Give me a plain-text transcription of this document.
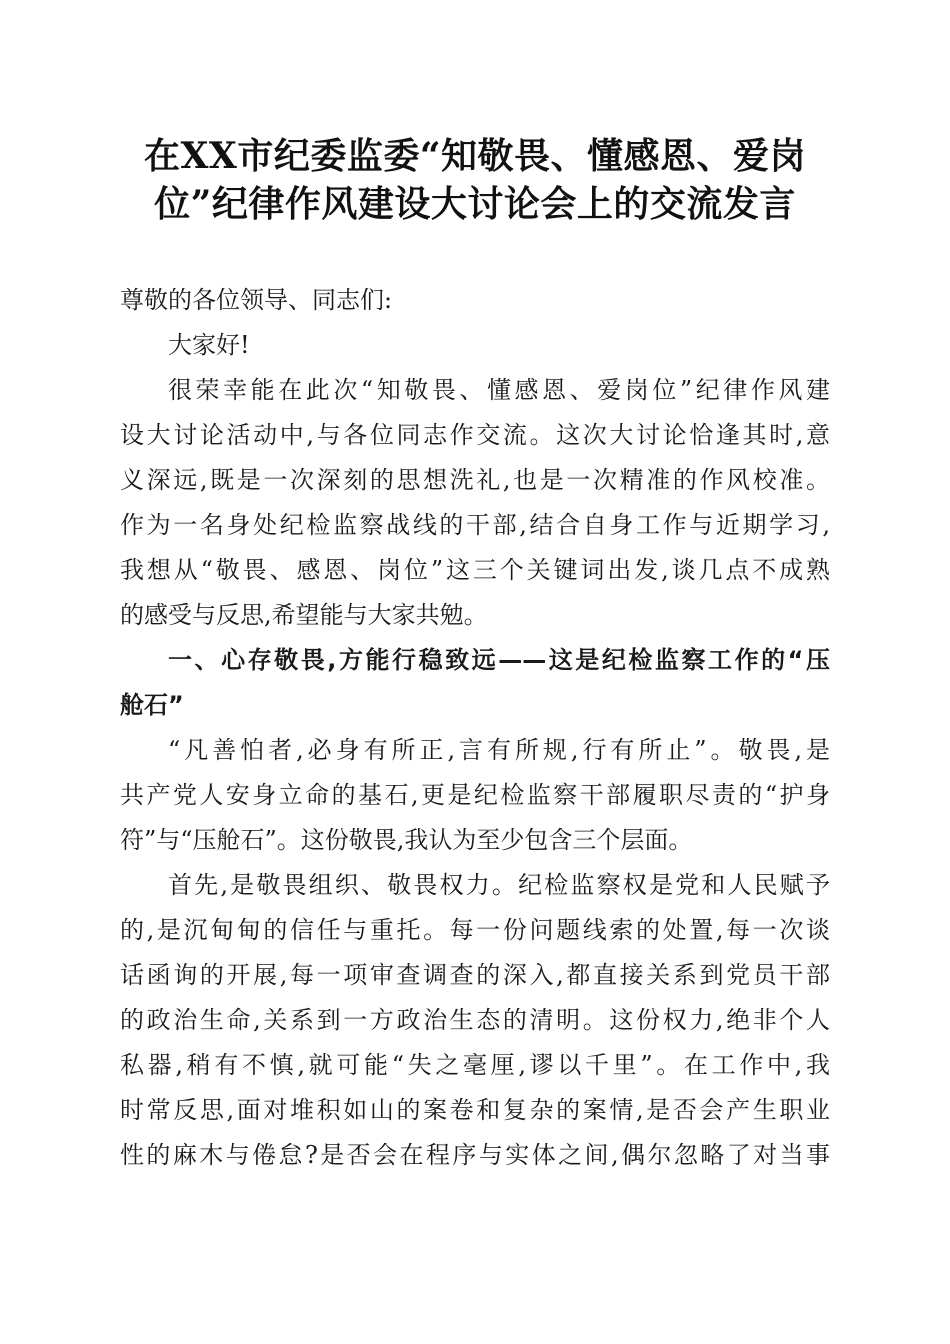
在XX市纪委监委“知敬畏、懂感恩、爱岗
位”纪律作风建设大讨论会上的交流发言
尊敬的各位领导、同志们:
大家好!
很荣幸能在此次“知敬畏、懂感恩、爱岗位”纪律作风建
设大讨论活动中,与各位同志作交流。这次大讨论恰逢其时,意
义深远,既是一次深刻的思想洗礼,也是一次精准的作风校准。
作为一名身处纪检监察战线的干部,结合自身工作与近期学习,
我想从“敬畏、感恩、岗位”这三个关键词出发,谈几点不成熟
的感受与反思,希望能与大家共勉。
一、心存敬畏,方能行稳致远——这是纪检监察工作的“压
舱石”
“凡善怕者,必身有所正,言有所规,行有所止”。敬畏,是
共产党人安身立命的基石,更是纪检监察干部履职尽责的“护身
符”与“压舱石”。这份敬畏,我认为至少包含三个层面。
首先,是敬畏组织、敬畏权力。纪检监察权是党和人民赋予
的,是沉甸甸的信任与重托。每一份问题线索的处置,每一次谈
话函询的开展,每一项审查调查的深入,都直接关系到党员干部
的政治生命,关系到一方政治生态的清明。这份权力,绝非个人
私器,稍有不慎,就可能“失之毫厘,谬以千里”。在工作中,我
时常反思,面对堆积如山的案卷和复杂的案情,是否会产生职业
性的麻木与倦怠?是否会在程序与实体之间,偶尔忽略了对当事
